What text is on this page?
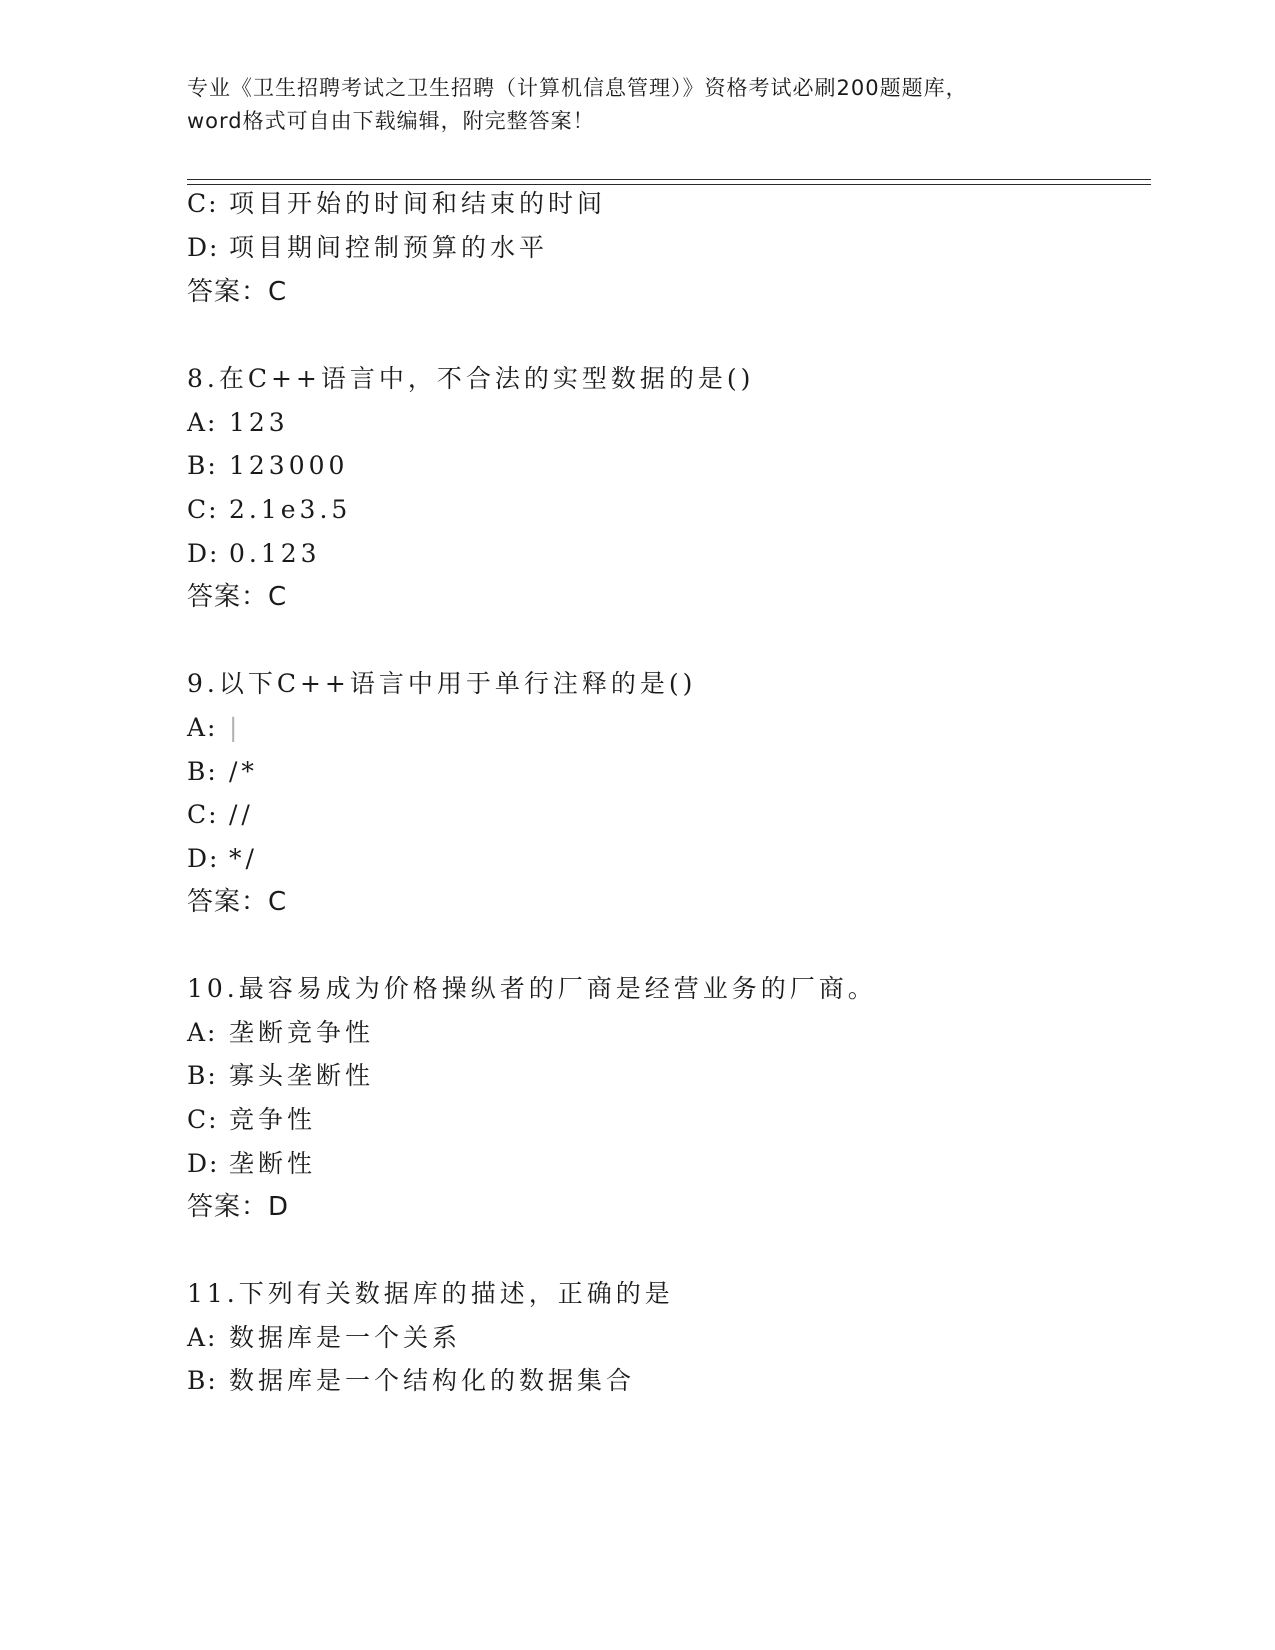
专业《卫生招聘考试之卫生招聘（计算机信息管理）》资格考试必刷200题题库，
word格式可自由下载编辑，附完整答案！
C: 项目开始的时间和结束的时间
D: 项目期间控制预算的水平
答案：C
8.在C++语言中，不合法的实型数据的是()
A: 123
B: 123000
C: 2.1e3.5
D: 0.123
答案：C
9.以下C++语言中用于单行注释的是()
A: |
B: /*
C: //
D: */
答案：C
10.最容易成为价格操纵者的厂商是经营业务的厂商。
A: 垄断竞争性
B: 寡头垄断性
C: 竞争性
D: 垄断性
答案：D
11.下列有关数据库的描述，正确的是
A: 数据库是一个关系
B: 数据库是一个结构化的数据集合
